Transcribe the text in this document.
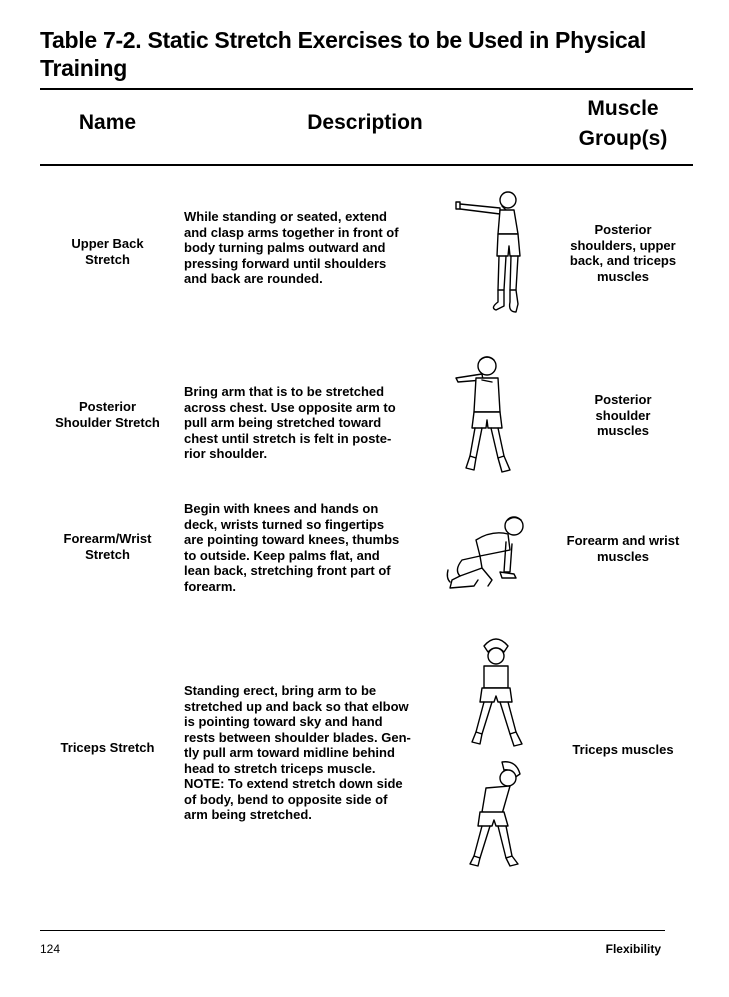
Table 7-2. Static Stretch Exercises to be Used in Physical Training
Name	Description
Muscle
Group(s)
Upper Back
Stretch
While standing or seated, extend
and clasp arms together in front of
body turning palms outward and
pressing forward until shoulders
and back are rounded.
Posterior
shoulders, upper
back, and triceps
muscles
Posterior
Shoulder Stretch
Bring arm that is to be stretched
across chest. Use opposite arm to
pull arm being stretched toward
chest until stretch is felt in poste-
rior shoulder.
Posterior
shoulder
muscles
Forearm/Wrist
Stretch
Begin with knees and hands on
deck, wrists turned so fingertips
are pointing toward knees, thumbs
to outside. Keep palms flat, and
lean back, stretching front part of
forearm.
Forearm and wrist
muscles
Triceps Stretch
Standing erect, bring arm to be
stretched up and back so that elbow
is pointing toward sky and hand
rests between shoulder blades. Gen-
tly pull arm toward midline behind
head to stretch triceps muscle.
NOTE: To extend stretch down side
of body, bend to opposite side of
arm being stretched.
Triceps muscles
124	Flexibility
